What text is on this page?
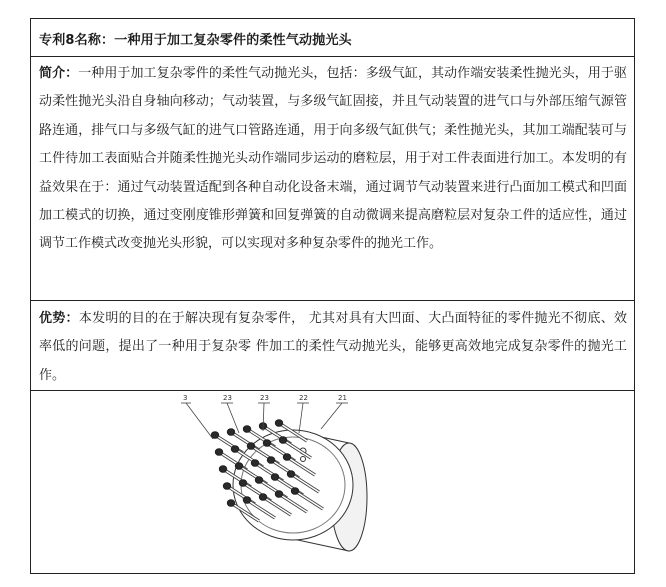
专利8名称：一种用于加工复杂零件的柔性气动抛光头
简介：一种用于加工复杂零件的柔性气动抛光头，包括：多级气缸，其动作端安装柔性抛光头，用于驱动柔性抛光头沿自身轴向移动；气动装置，与多级气缸固接，并且气动装置的进气口与外部压缩气源管路连通，排气口与多级气缸的进气口管路连通，用于向多级气缸供气；柔性抛光头，其加工端配装可与工件待加工表面贴合并随柔性抛光头动作端同步运动的磨粒层，用于对工件表面进行加工。本发明的有益效果在于：通过气动装置适配到各种自动化设备末端，通过调节气动装置来进行凸面加工模式和凹面加工模式的切换，通过变刚度锥形弹簧和回复弹簧的自动微调来提高磨粒层对复杂工件的适应性，通过调节工作模式改变抛光头形貌，可以实现对多种复杂零件的抛光工作。
优势：本发明的目的在于解决现有复杂零件， 尤其对具有大凹面、大凸面特征的零件抛光不彻底、效率低的问题，提出了一种用于复杂零 件加工的柔性气动抛光头，能够更高效地完成复杂零件的抛光工作。
3	23	23	22	21
